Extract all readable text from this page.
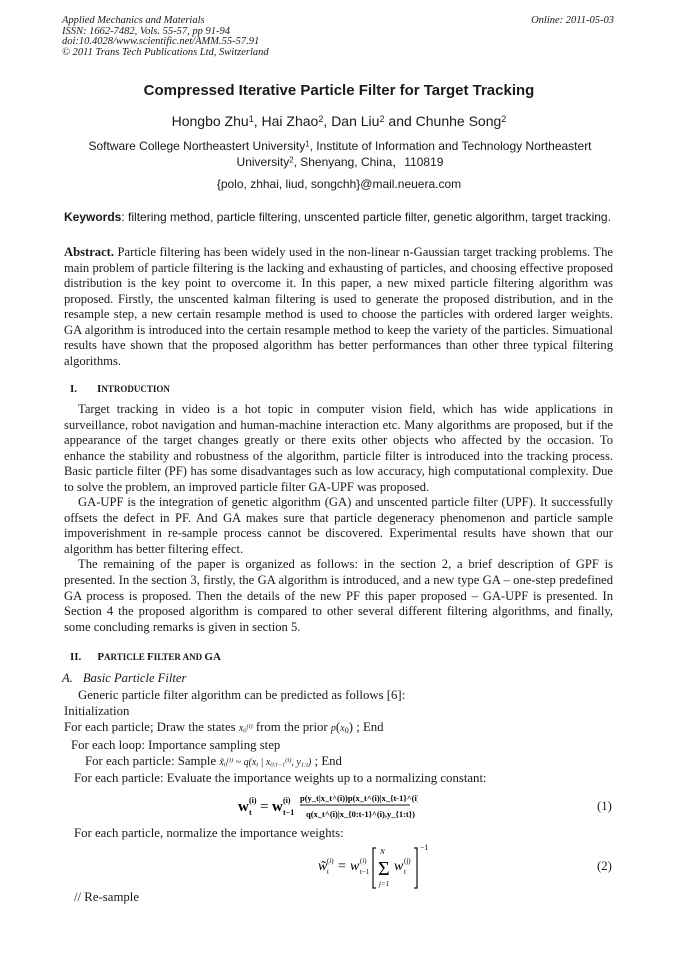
Applied Mechanics and Materials
ISSN: 1662-7482, Vols. 55-57, pp 91-94
doi:10.4028/www.scientific.net/AMM.55-57.91
© 2011 Trans Tech Publications Ltd, Switzerland
Online: 2011-05-03
Compressed Iterative Particle Filter for Target Tracking
Hongbo Zhu$^1$, Hai Zhao$^2$, Dan Liu$^2$ and Chunhe Song$^2$
Software College Northeastert University$^1$, Institute of Information and Technology Northeastert University$^2$, Shenyang, China，110819
{polo, zhhai, liud, songchh}@mail.neuera.com
Keywords: filtering method, particle filtering, unscented particle filter, genetic algorithm, target tracking.
Abstract. Particle filtering has been widely used in the non-linear n-Gaussian target tracking problems. The main problem of particle filtering is the lacking and exhausting of particles, and choosing effective proposed distribution is the key point to overcome it. In this paper, a new mixed particle filtering algorithm was proposed. Firstly, the unscented kalman filtering is used to generate the proposed distribution, and in the resample step, a new certain resample method is used to choose the particles with ordered larger weights. GA algorithm is introduced into the certain resample method to keep the variety of the particles. Simuational results have shown that the proposed algorithm has better performances than other three typical filtering algorithms.
I. INTRODUCTION
Target tracking in video is a hot topic in computer vision field, which has wide applications in surveillance, robot navigation and human-machine interaction etc. Many algorithms are proposed, but if the appearance of the target changes greatly or there exits other objects who affected by the occasion. To enhance the stability and robustness of the algorithm, particle filter is introduced into the tracking process. Basic particle filter (PF) has some disadvantages such as low accuracy, high computational complexity. Due to solve the problem, an improved particle filter GA-UPF was proposed.
GA-UPF is the integration of genetic algorithm (GA) and unscented particle filter (UPF). It successfully offsets the defect in PF. And GA makes sure that particle degeneracy phenomenon and particle sample impoverishment in re-sample process cannot be discovered. Experimental results have shown that our algorithm has better filtering effect.
The remaining of the paper is organized as follows: in the section 2, a brief description of GPF is presented. In the section 3, firstly, the GA algorithm is introduced, and a new type GA – one-step predefined GA process is proposed. Then the details of the new PF this paper proposed – GA-UPF is presented. In Section 4 the proposed algorithm is compared to other several different filtering algorithms, and finally, some concluding remarks is given in section 5.
II. PARTICLE FILTER AND GA
A. Basic Particle Filter
Generic particle filter algorithm can be predicted as follows [6]:
Initialization
For each particle; Draw the states $x_0^{(i)}$ from the prior $p(x_0)$ ; End
For each loop: Importance sampling step
For each particle: Sample $x̃_0^{(i)}$ ~ $q(x_t$ | $x_{0:t-1}^{(i)}$, $y_{1:t}$) ; End
For each particle: Evaluate the importance weights up to a normalizing constant:
w (i)
t = w (i)
t−1
p(y_t|x_t^(i))p(x_t^(i)|x_{t-1}^(i))
q(x_t^(i)|x_{0:t-1}^(i),y_{1:t})
(1)
For each particle, normalize the importance weights:
w̃ (i)
t = w (i)
t−1 Σ
N
j=1
w (j)
t
−1
(2)
// Re-sample
